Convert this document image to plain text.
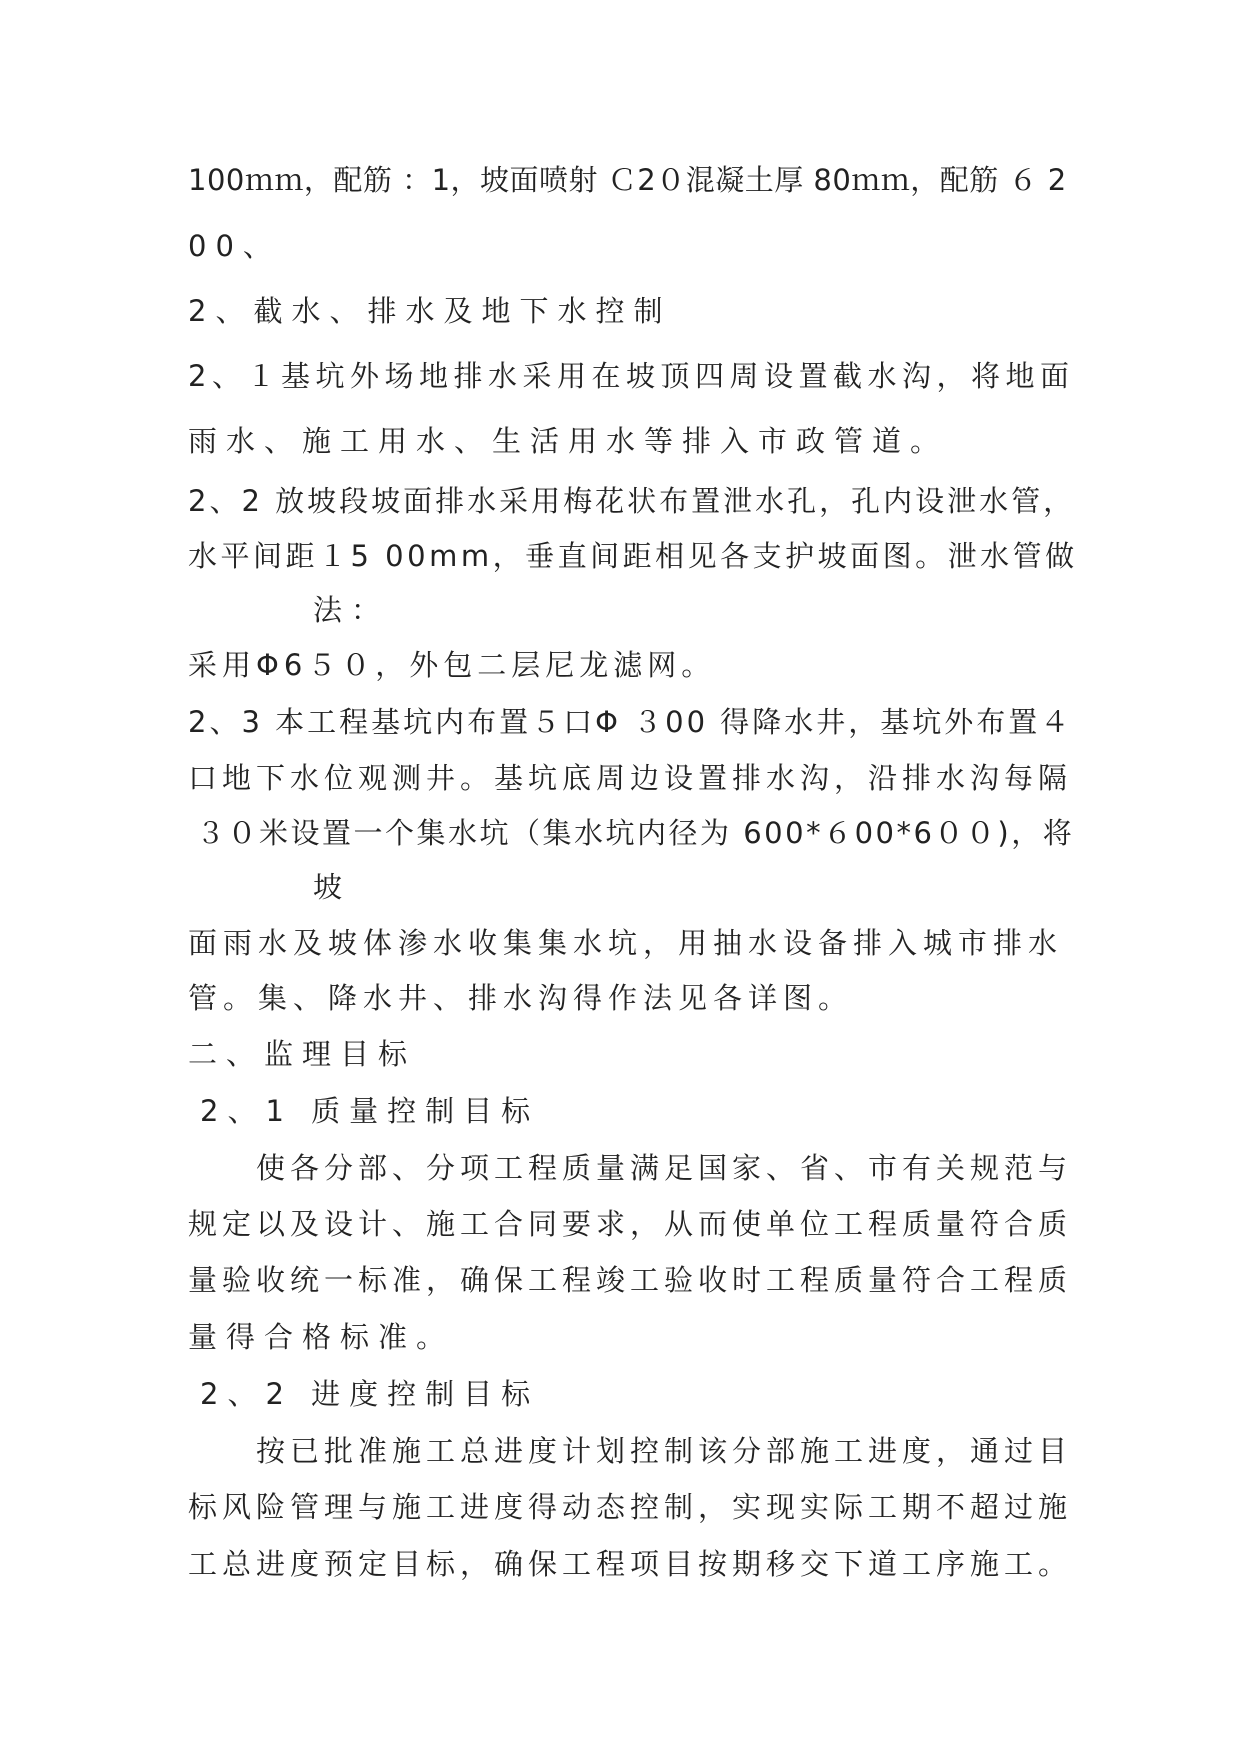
100ｍｍ，配筋 ：1，坡面喷射 Ｃ2０混凝土厚 80ｍｍ，配筋 ６ 2
00、
2、截水、排水及地下水控制
2、１基坑外场地排水采用在坡顶四周设置截水沟，将地面
雨水、施工用水、生活用水等排入市政管道。
2、2 放坡段坡面排水采用梅花状布置泄水孔，孔内设泄水管，
水平间距１5 00mm，垂直间距相见各支护坡面图。泄水管做
法：
采用Φ6５０，外包二层尼龙滤网。
2、3 本工程基坑内布置５口Φ ３00 得降水井，基坑外布置４
口地下水位观测井。基坑底周边设置排水沟，沿排水沟每隔
３０米设置一个集水坑（集水坑内径为 600*６00*6００)，将
坡
面雨水及坡体渗水收集集水坑，用抽水设备排入城市排水
管。集、降水井、排水沟得作法见各详图。
二、监理目标
2、1 质量控制目标
使各分部、分项工程质量满足国家、省、市有关规范与
规定以及设计、施工合同要求，从而使单位工程质量符合质
量验收统一标准，确保工程竣工验收时工程质量符合工程质
量得合格标准。
2、2 进度控制目标
按已批准施工总进度计划控制该分部施工进度，通过目
标风险管理与施工进度得动态控制，实现实际工期不超过施
工总进度预定目标，确保工程项目按期移交下道工序施工。
